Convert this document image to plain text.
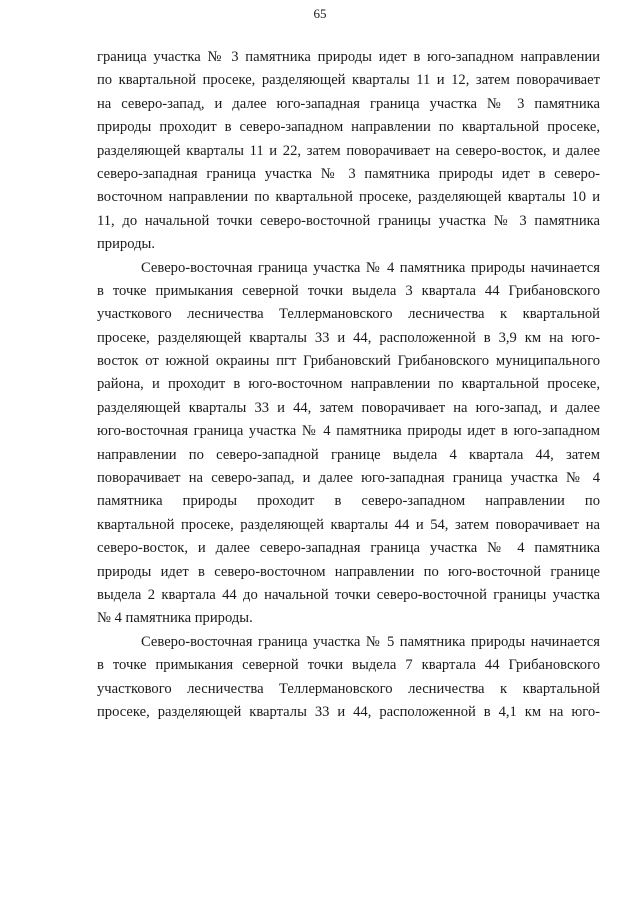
65
граница участка № 3 памятника природы идет в юго-западном направлении
по квартальной просеке, разделяющей кварталы 11 и 12, затем поворачивает
на северо-запад, и далее юго-западная граница участка № 3 памятника
природы проходит в северо-западном направлении по квартальной просеке,
разделяющей кварталы 11 и 22, затем поворачивает на северо-восток, и далее
северо-западная граница участка № 3 памятника природы идет в северо-
восточном направлении по квартальной просеке, разделяющей кварталы 10 и
11, до начальной точки северо-восточной границы участка № 3 памятника
природы.
Северо-восточная граница участка № 4 памятника природы начинается
в точке примыкания северной точки выдела 3 квартала 44 Грибановского
участкового лесничества Теллермановского лесничества к квартальной
просеке, разделяющей кварталы 33 и 44, расположенной в 3,9 км на юго-
восток от южной окраины пгт Грибановский Грибановского муниципального
района, и проходит в юго-восточном направлении по квартальной просеке,
разделяющей кварталы 33 и 44, затем поворачивает на юго-запад, и далее
юго-восточная граница участка № 4 памятника природы идет в юго-западном
направлении по северо-западной границе выдела 4 квартала 44, затем
поворачивает на северо-запад, и далее юго-западная граница участка № 4
памятника природы проходит в северо-западном направлении по
квартальной просеке, разделяющей кварталы 44 и 54, затем поворачивает на
северо-восток, и далее северо-западная граница участка № 4 памятника
природы идет в северо-восточном направлении по юго-восточной границе
выдела 2 квартала 44 до начальной точки северо-восточной границы участка
№ 4 памятника природы.
Северо-восточная граница участка № 5 памятника природы начинается
в точке примыкания северной точки выдела 7 квартала 44 Грибановского
участкового лесничества Теллермановского лесничества к квартальной
просеке, разделяющей кварталы 33 и 44, расположенной в 4,1 км на юго-
